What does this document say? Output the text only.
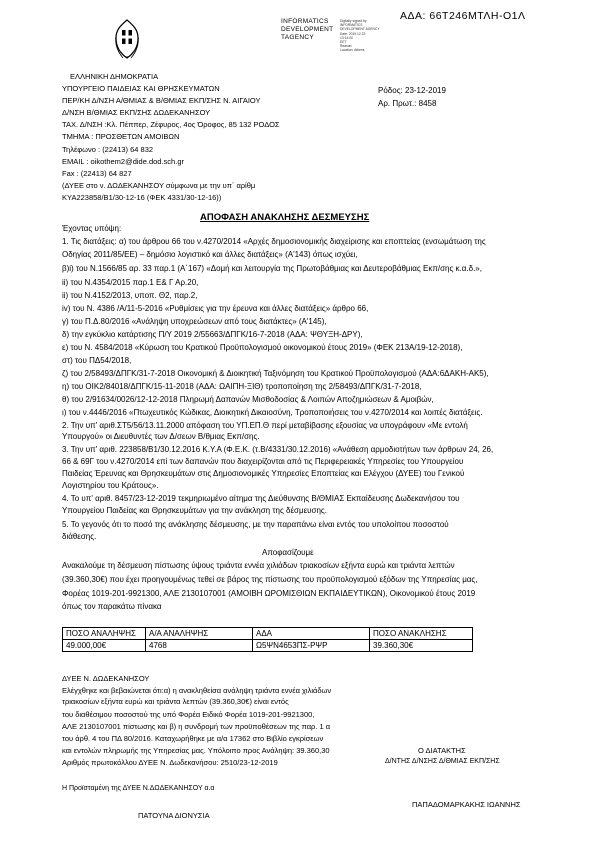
ΑΔΑ: 66Τ246ΜΤΛΗ-Ο1Λ
INFORMATICS
DEVELOPMENT
TAGENCY
Digitally signed by
INFORMATICS
DEVELOPMENT AGENCY
Date: 2019.12.23
13:14:00
EET
Reason:
Location: Athens
ΕΛΛΗΝΙΚΗ ΔΗΜΟΚΡΑΤΙΑ
ΥΠΟΥΡΓΕΙΟ ΠΑΙΔΕΙΑΣ ΚΑΙ ΘΡΗΣΚΕΥΜΑΤΩΝ
ΠΕΡ/ΚΗ Δ/ΝΣΗ Α/ΘΜΙΑΣ & Β/ΘΜΙΑΣ ΕΚΠ/ΣΗΣ Ν. ΑΙΓΑΙΟΥ
Δ/ΝΣΗ Β/ΘΜΙΑΣ ΕΚΠ/ΣΗΣ ΔΩΔΕΚΑΝΗΣΟΥ
ΤΑΧ. Δ/ΝΣΗ :Κλ. Πέππερ, Ζέφυρος, 4ος Όροφος, 85 132 ΡΟΔΟΣ
ΤΜΗΜΑ : ΠΡΟΣΘΕΤΩΝ ΑΜΟΙΒΩΝ
Τηλέφωνο : (22413) 64 832
EMAIL : oikothem2@dide.dod.sch.gr
Fax : (22413) 64 827
(ΔΥΕΕ στο ν. ΔΩΔΕΚΑΝΗΣΟΥ σύμφωνα με την υπ΄ αρίθμ
ΚΥΑ223858/Β1/30-12-16 (ΦΕΚ 4331/30-12-16))
Ρόδος: 23-12-2019
Αρ. Πρωτ.: 8458
ΑΠΟΦΑΣΗ ΑΝΑΚΛΗΣΗΣ ΔΕΣΜΕΥΣΗΣ
Έχοντας υπόψη:
1. Τις διατάξεις: α) του άρθρου 66 του ν.4270/2014 «Αρχές δημοσιονομικής διαχείρισης και εποπτείας (ενσωμάτωση της
Οδηγίας 2011/85/ΕΕ) – δημόσιο λογιστικό και άλλες διατάξεις» (Α'143) όπως ισχύει,
β)i) του Ν.1566/85 αρ. 33 παρ.1 (Α΄167) «Δομή και λειτουργία της Πρωτοβάθμιας και Δευτεροβάθμιας Εκπ/σης κ.α.δ.»,
ii) του Ν.4354/2015 παρ.1 Ε& Γ Αρ.20,
ii) του Ν.4152/2013, υποπ. Θ2, παρ.2,
iv) του Ν. 4386 /Α/11-5-2016 «Ρυθμίσεις για την έρευνα και άλλες διατάξεις» άρθρο 66,
γ) του Π.Δ.80/2016 «Ανάληψη υποχρεώσεων από τους διατάκτες» (Α'145),
δ) την εγκύκλιο κατάρτισης Π/Υ 2019 2/55663/ΔΠΓΚ/16-7-2018 (ΑΔΑ: ΨΘΥΞΗ-ΔΡΥ),
ε) του Ν. 4584/2018 «Κύρωση του Κρατικού Προϋπολογισμού οικονομικού έτους 2019» (ΦΕΚ 213Α/19-12-2018),
στ) του ΠΔ54/2018,
ζ) του 2/58493/ΔΠΓΚ/31-7-2018 Οικονομική & Διοικητική Ταξινόμηση του Κρατικού Προϋπολογισμού (ΑΔΑ:6ΔΑΚΗ-ΑΚ5),
η) του ΟΙΚ2/84018/ΔΠΓΚ/15-11-2018 (ΑΔΑ: ΩΑΙΠΗ-ΞΙΘ) τροποποίηση της 2/58493/ΔΠΓΚ/31-7-2018,
θ) του 2/91634/0026/12-12-2018 Πληρωμή Δαπανών Μισθοδοσίας & Λοιπών Αποζημιώσεων & Αμοιβών,
ι) του ν.4446/2016 «Πτωχευτικός Κώδικας, Διοικητική Δικαιοσύνη, Τροποποιήσεις του ν.4270/2014 και λοιπές διατάξεις.
2. Την υπ' αριθ.ΣΤ5/56/13.11.2000 απόφαση του ΥΠ.ΕΠ.Θ περί μεταβίβασης εξουσίας να υπογράφουν «Με εντολή
Υπουργού» οι Διευθυντές των Δ/σεων Β/θμιας Εκπ/σης.
3. Την υπ' αριθ. 223858/Β1/30.12.2016 Κ.Υ.Α (Φ.Ε.Κ. (τ.Β/4331/30.12.2016) «Ανάθεση αρμοδιοτήτων των άρθρων 24, 26,
66 & 69Γ του ν.4270/2014 επί των δαπανών που διαχειρίζονται από τις Περιφερειακές Υπηρεσίες του Υπουργείου
Παιδείας Έρευνας και Θρησκευμάτων στις Δημοσιονομικές Υπηρεσίες Εποπτείας και Ελέγχου (ΔΥΕΕ) του Γενικού
Λογιστηρίου του Κράτους».
4. Το υπ' αριθ. 8457/23-12-2019 τεκμηριωμένο αίτημα της Διεύθυνσης Β/ΘΜΙΑΣ Εκπαίδευσης Δωδεκανήσου του
Υπουργείου Παιδείας και Θρησκευμάτων για την ανάκληση της δέσμευσης.
5. Το γεγονός ότι το ποσό της ανάκλησης δέσμευσης, με την παραπάνω είναι εντός του υπολοίπου ποσοστού
διάθεσης.
Αποφασίζουμε
Ανακαλούμε τη δέσμευση πίστωσης ύψους τριάντα εννέα χιλιάδων τριακοσίων εξήντα ευρώ και τριάντα λεπτών
(39.360,30€) που έχει προηγουμένως τεθεί σε βάρος της πίστωσης του προϋπολογισμού εξόδων της Υπηρεσίας μας,
Φορέας 1019-201-9921300, ΑΛΕ 2130107001 (ΑΜΟΙΒΗ ΩΡΟΜΙΣΘΙΩΝ ΕΚΠΑΙΔΕΥΤΙΚΩΝ), Οικονομικού έτους 2019
όπως τον παρακάτω πίνακα
ΠΟΣΟ ΑΝΑΛΗΨΗΣ	Α/Α ΑΝΑΛΗΨΗΣ	ΑΔΑ	ΠΟΣΟ ΑΝΑΚΛΗΣΗΣ
49.000,00€	4768	Ω5ΨΝ4653ΠΣ-ΡΨΡ	39.360,30€
ΔΥΕΕ Ν. ΔΩΔΕΚΑΝΗΣΟΥ
Ελέγχθηκε και βεβαιώνεται ότι:α) η ανακληθείσα ανάληψη τριάντα εννέα χιλιάδων
τριακοσίων εξήντα ευρώ και τριάντα λεπτών (39.360,30€) είναι εντός
του διαθέσιμου ποσοστού της υπό Φορέα Ειδικό Φορέα 1019-201-9921300,
ΑΛΕ 2130107001 πίστωσης και β) η συνδρομή των προϋποθέσεων της παρ. 1 α
του άρθ. 4 του ΠΔ 80/2016. Καταχωρήθηκε με α/α 17362 στο Βιβλίο εγκρίσεων
και εντολών πληρωμής της Υπηρεσίας μας. Υπόλοιπο προς Ανάληψη: 39.360,30
Αριθμός πρωτοκόλλου ΔΥΕΕ Ν. Δωδεκανήσου: 2510/23-12-2019
Η Προϊσταμένη της ΔΥΕΕ Ν.ΔΩΔΕΚΑΝΗΣΟΥ α.α
Ο ΔΙΑΤΑΚΤΗΣ
Δ/ΝΤΗΣ Δ/ΝΣΗΣ Δ/ΘΜΙΑΣ ΕΚΠ/ΣΗΣ
ΠΑΠΑΔΟΜΑΡΚΑΚΗΣ ΙΩΑΝΝΗΣ
ΠΑΤΟΥΝΑ ΔΙΟΝΥΣΙΑ
